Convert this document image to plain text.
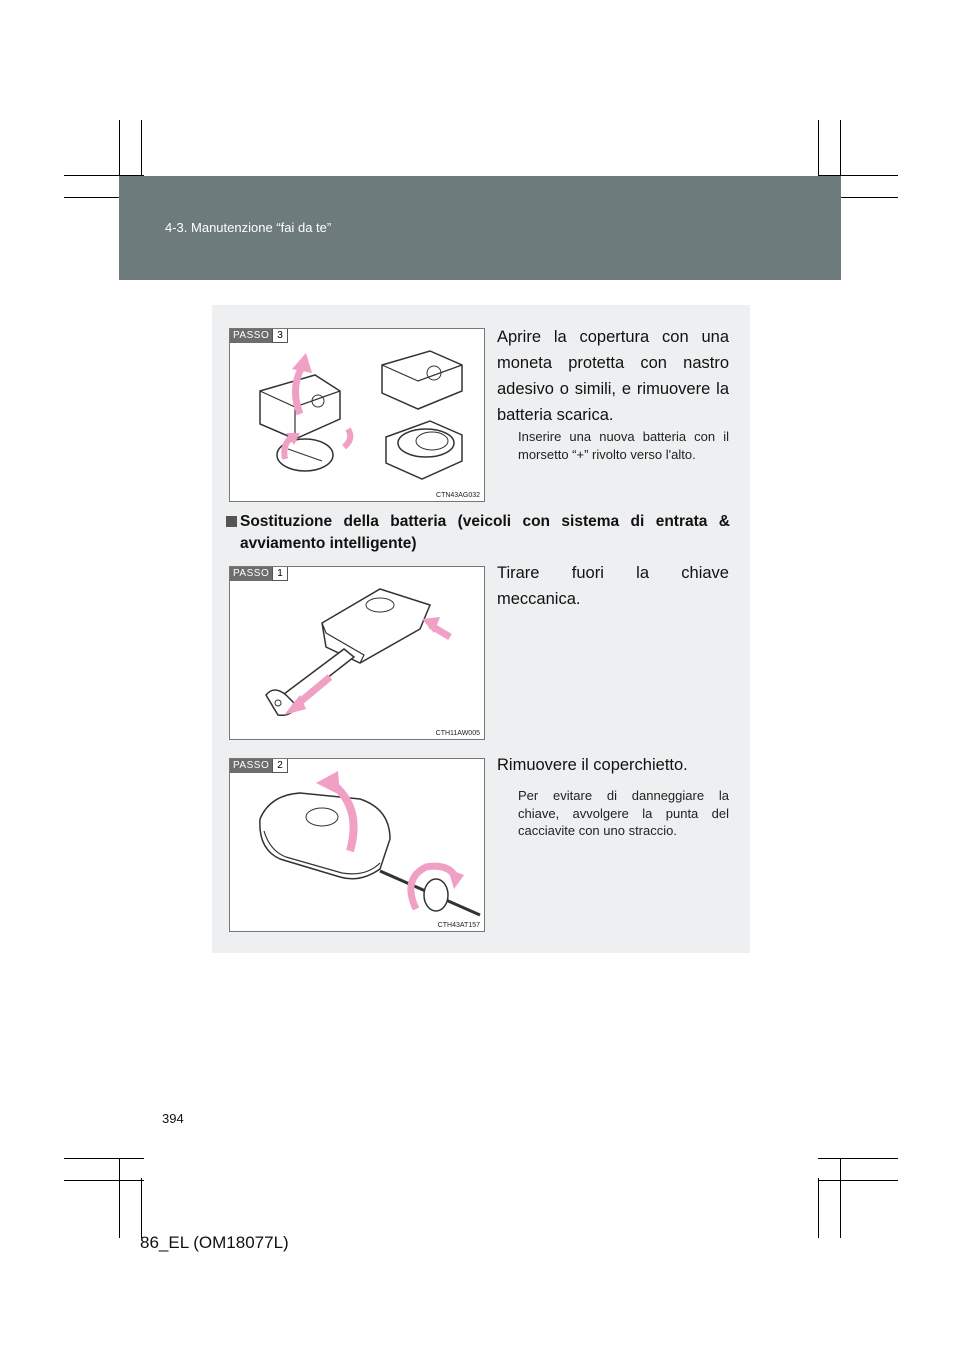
4-3. Manutenzione “fai da te”
PASSO 3
CTN43AG032
Aprire la copertura con una moneta protetta con nastro adesivo o simili, e rimuovere la batteria scarica.
Inserire una nuova batteria con il morsetto “+” rivolto verso l'alto.
Sostituzione della batteria (veicoli con sistema di entrata & avviamento intelligente)
PASSO 1
CTH11AW005
Tirare fuori la chiave meccanica.
PASSO 2
CTH43AT157
Rimuovere il coperchietto.
Per evitare di danneggiare la chiave, avvolgere la punta del cacciavite con uno straccio.
394
86_EL (OM18077L)
